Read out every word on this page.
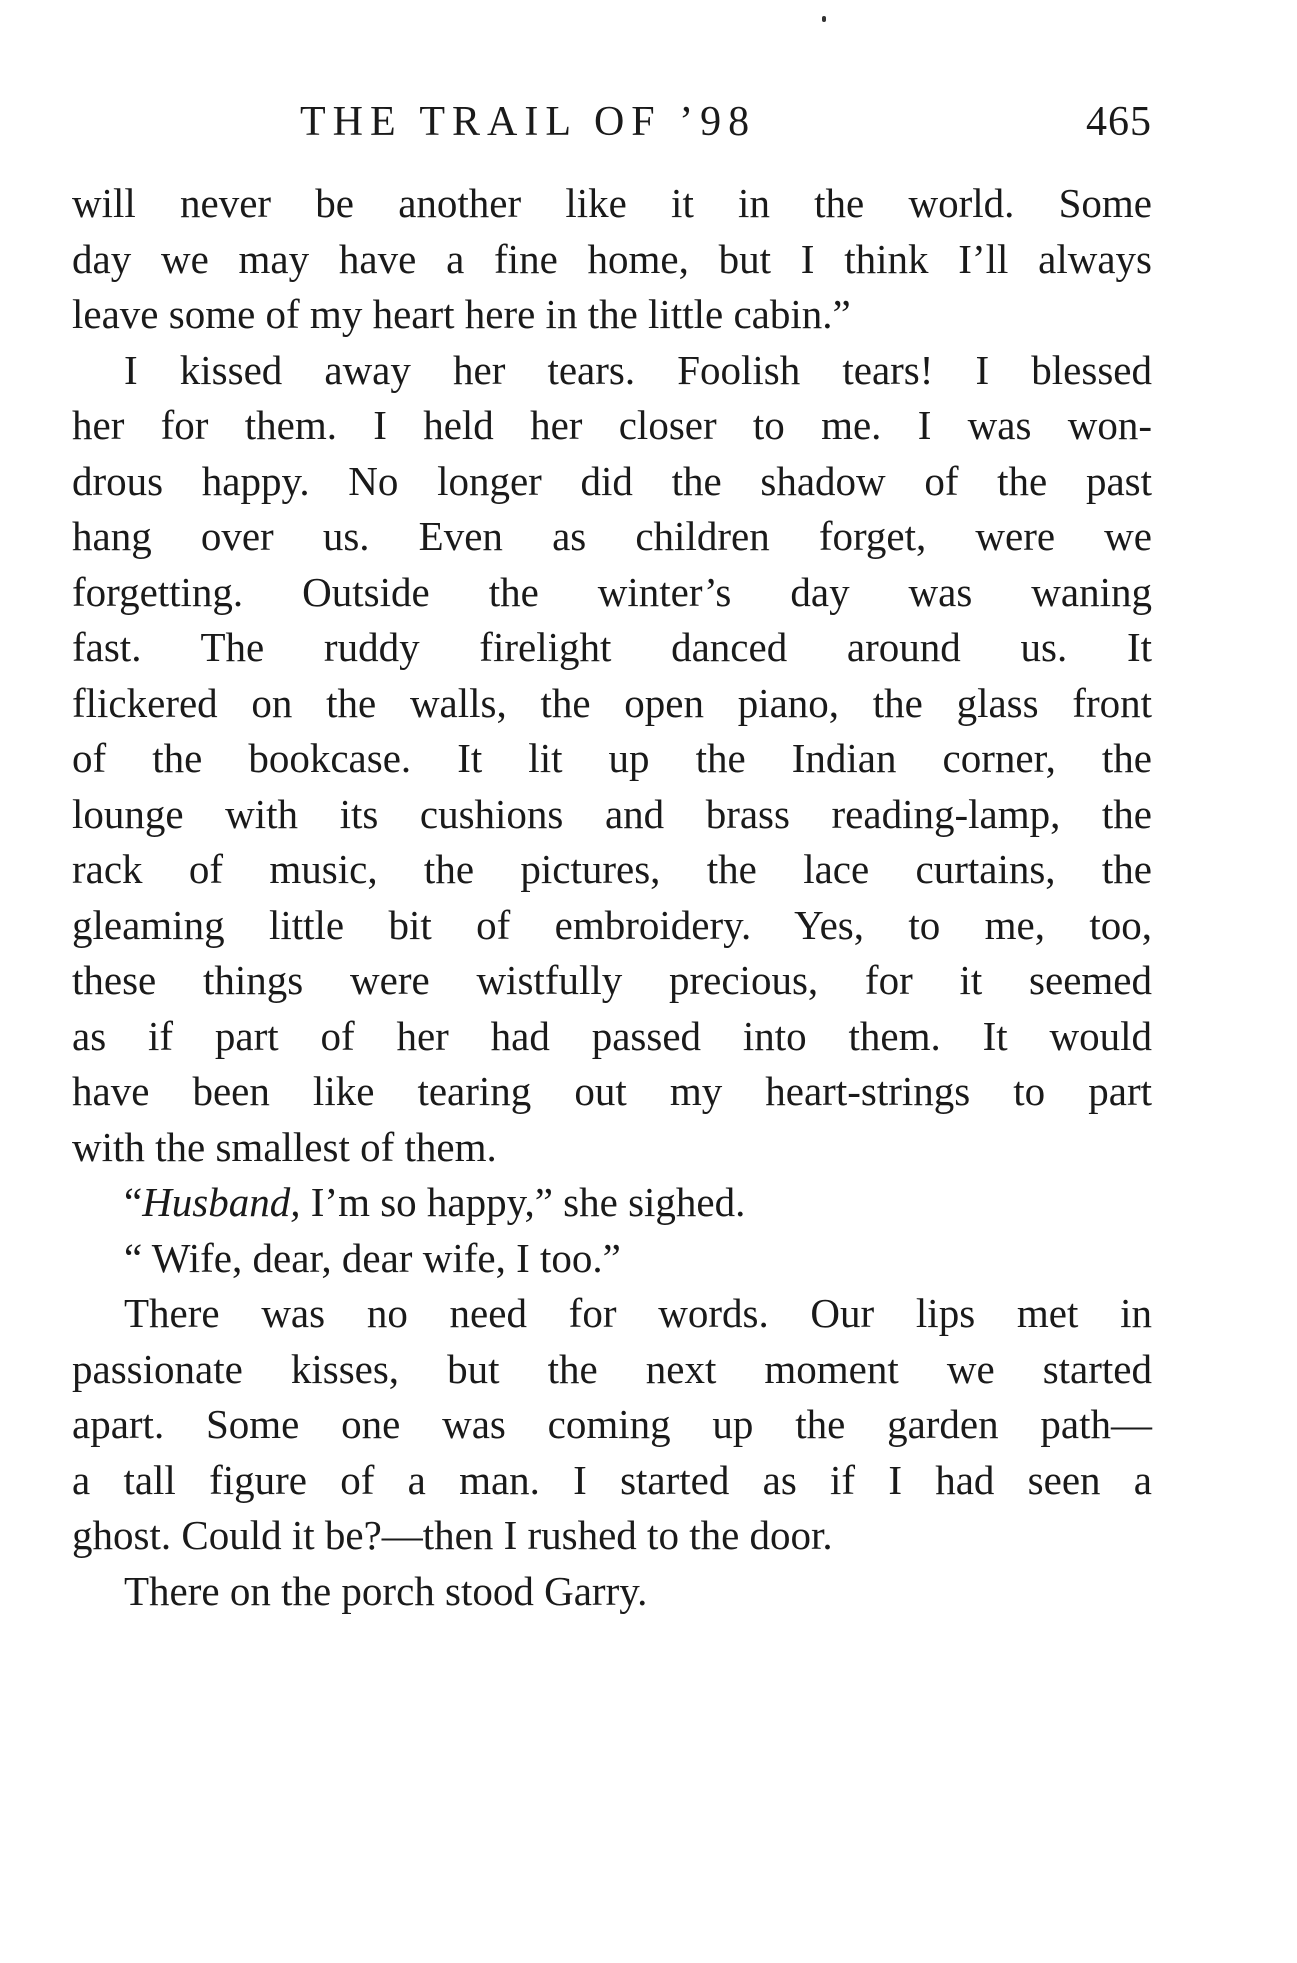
THE TRAIL OF ’98	465
will never be another like it in the world. Some
day we may have a fine home, but I think I’ll always
leave some of my heart here in the little cabin.”
I kissed away her tears. Foolish tears! I blessed
her for them. I held her closer to me. I was won-
drous happy. No longer did the shadow of the past
hang over us. Even as children forget, were we
forgetting. Outside the winter’s day was waning
fast. The ruddy firelight danced around us. It
flickered on the walls, the open piano, the glass front
of the bookcase. It lit up the Indian corner, the
lounge with its cushions and brass reading-lamp, the
rack of music, the pictures, the lace curtains, the
gleaming little bit of embroidery. Yes, to me, too,
these things were wistfully precious, for it seemed
as if part of her had passed into them. It would
have been like tearing out my heart-strings to part
with the smallest of them.
“Husband, I’m so happy,” she sighed.
“ Wife, dear, dear wife, I too.”
There was no need for words. Our lips met in
passionate kisses, but the next moment we started
apart. Some one was coming up the garden path—
a tall figure of a man. I started as if I had seen a
ghost. Could it be?—then I rushed to the door.
There on the porch stood Garry.
